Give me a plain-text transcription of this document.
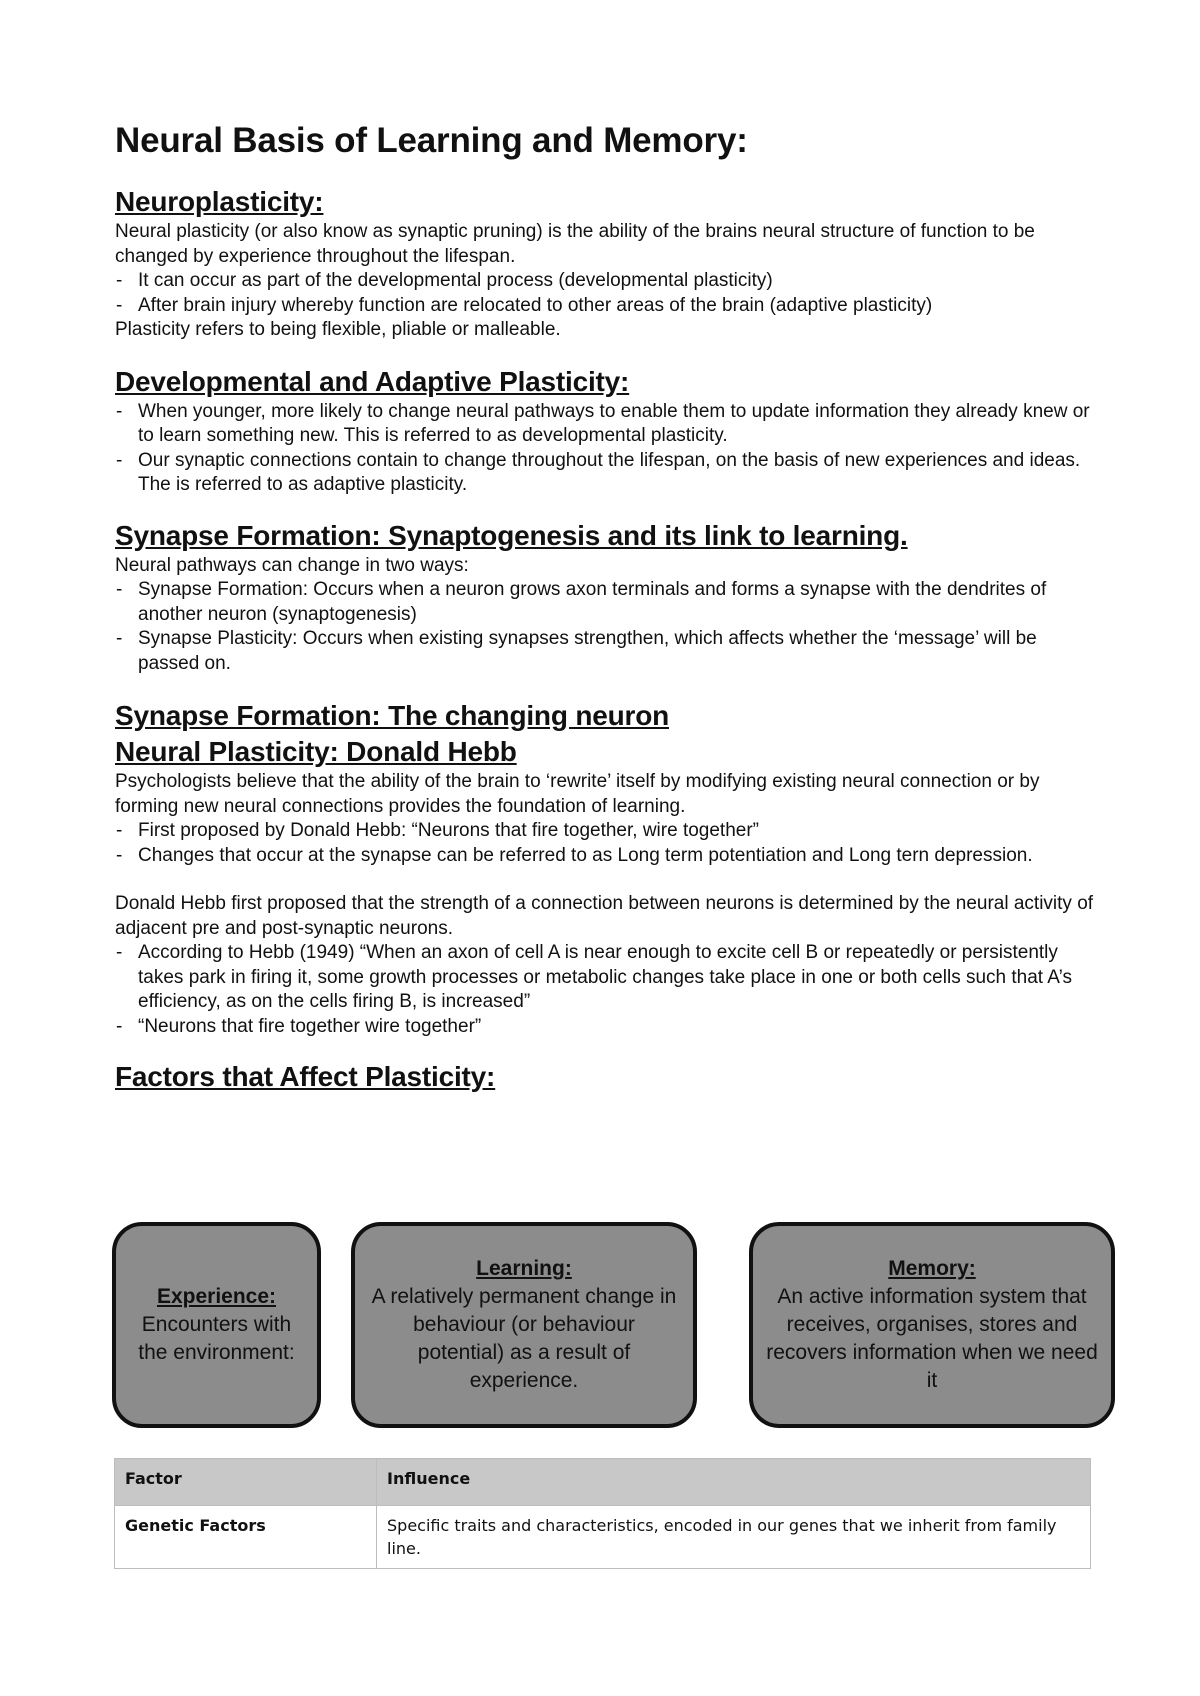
Neural Basis of Learning and Memory:
Neuroplasticity:

Neural plasticity (or also know as synaptic pruning) is the ability of the brains neural structure of function to be changed by experience throughout the lifespan.

- It can occur as part of the developmental process (developmental plasticity)
- After brain injury whereby function are relocated to other areas of the brain (adaptive plasticity)

Plasticity refers to being flexible, pliable or malleable.

Developmental and Adaptive Plasticity:
- When younger, more likely to change neural pathways to enable them to update information they already knew or to learn something new. This is referred to as developmental plasticity.
- Our synaptic connections contain to change throughout the lifespan, on the basis of new experiences and ideas. The is referred to as adaptive plasticity.
Synapse Formation: Synaptogenesis and its link to learning.

Neural pathways can change in two ways:

- Synapse Formation: Occurs when a neuron grows axon terminals and forms a synapse with the dendrites of another neuron (synaptogenesis)
- Synapse Plasticity: Occurs when existing synapses strengthen, which affects whether the ‘message’ will be passed on.
Synapse Formation: The changing neuron
Neural Plasticity: Donald Hebb

Psychologists believe that the ability of the brain to ‘rewrite’ itself by modifying existing neural connection or by forming new neural connections provides the foundation of learning.

- First proposed by Donald Hebb: “Neurons that fire together, wire together”
- Changes that occur at the synapse can be referred to as Long term potentiation and Long tern depression.

Donald Hebb first proposed that the strength of a connection between neurons is determined by the neural activity of adjacent pre and post-synaptic neurons.

- According to Hebb (1949) “When an axon of cell A is near enough to excite cell B or repeatedly or persistently takes park in firing it, some growth processes or metabolic changes take place in one or both cells such that A’s efficiency, as on the cells firing B, is increased”
- “Neurons that fire together wire together”
Factors that Affect Plasticity:
Experience:
Encounters with the environment:
Learning:
A relatively permanent change in behaviour (or behaviour potential) as a result of experience.
Memory:
An active information system that receives, organises, stores and recovers information when we need it
Factor	Influence
Genetic Factors	Specific traits and characteristics, encoded in our genes that we inherit from family line.
